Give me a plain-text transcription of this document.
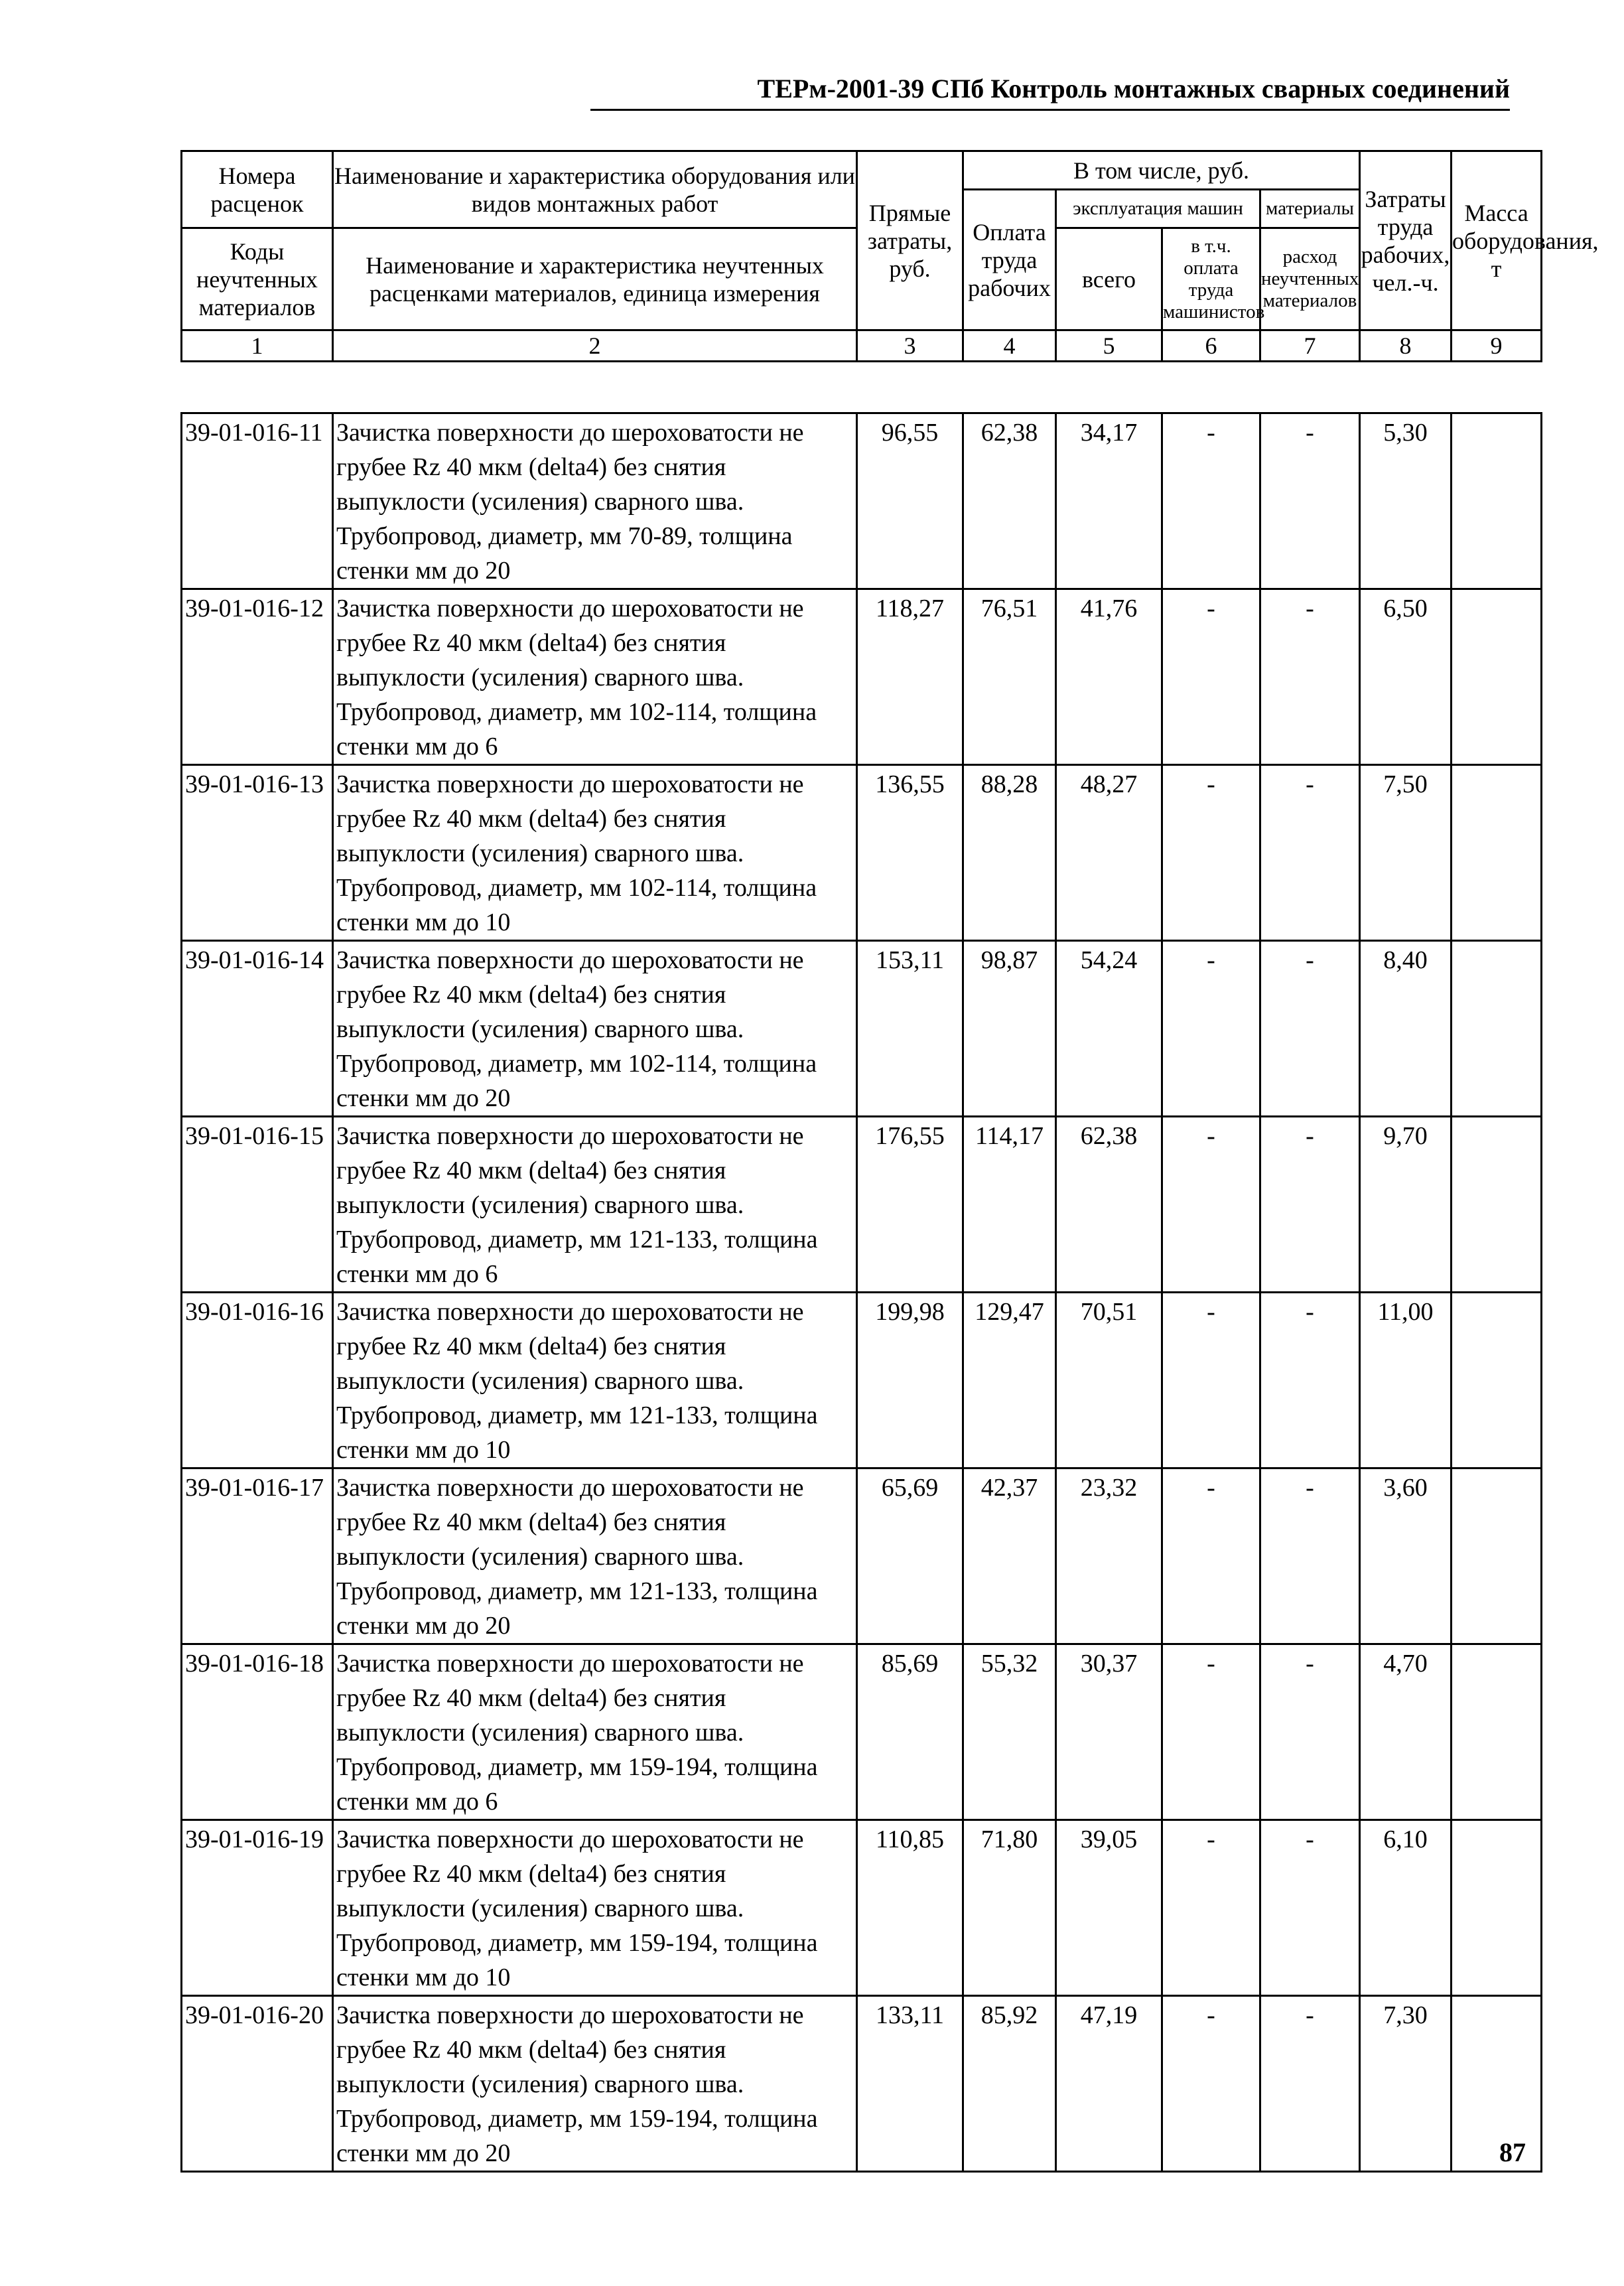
ТЕРм-2001-39 СПб Контроль монтажных сварных соединений
Номера расценок	Наименование и характеристика оборудования или видов монтажных работ	Прямые затраты, руб.	В том числе, руб.				Затраты труда рабочих, чел.-ч.	Масса оборудования, т
			Оплата труда рабочих	эксплуатация машин		материалы		
Коды неучтенных материалов	Наименование и характеристика неучтенных расценками материалов, единица измерения			всего	в т.ч. оплата труда машинистов	расход неучтенных материалов		

1	2	3	4	5	6	7	8	9
39-01-016-11	Зачистка поверхности до шероховатости не грубее Rz 40 мкм (delta4) без снятия выпуклости (усиления) сварного шва. Трубопровод, диаметр, мм 70-89, толщина стенки мм до 20	96,55	62,38	34,17	-	-	5,30	
39-01-016-12	Зачистка поверхности до шероховатости не грубее Rz 40 мкм (delta4) без снятия выпуклости (усиления) сварного шва. Трубопровод, диаметр, мм 102-114, толщина стенки мм до 6	118,27	76,51	41,76	-	-	6,50	
39-01-016-13	Зачистка поверхности до шероховатости не грубее Rz 40 мкм (delta4) без снятия выпуклости (усиления) сварного шва. Трубопровод, диаметр, мм 102-114, толщина стенки мм до 10	136,55	88,28	48,27	-	-	7,50	
39-01-016-14	Зачистка поверхности до шероховатости не грубее Rz 40 мкм (delta4) без снятия выпуклости (усиления) сварного шва. Трубопровод, диаметр, мм 102-114, толщина стенки мм до 20	153,11	98,87	54,24	-	-	8,40	
39-01-016-15	Зачистка поверхности до шероховатости не грубее Rz 40 мкм (delta4) без снятия выпуклости (усиления) сварного шва. Трубопровод, диаметр, мм 121-133, толщина стенки мм до 6	176,55	114,17	62,38	-	-	9,70	
39-01-016-16	Зачистка поверхности до шероховатости не грубее Rz 40 мкм (delta4) без снятия выпуклости (усиления) сварного шва. Трубопровод, диаметр, мм 121-133, толщина стенки мм до 10	199,98	129,47	70,51	-	-	11,00	
39-01-016-17	Зачистка поверхности до шероховатости не грубее Rz 40 мкм (delta4) без снятия выпуклости (усиления) сварного шва. Трубопровод, диаметр, мм 121-133, толщина стенки мм до 20	65,69	42,37	23,32	-	-	3,60	
39-01-016-18	Зачистка поверхности до шероховатости не грубее Rz 40 мкм (delta4) без снятия выпуклости (усиления) сварного шва. Трубопровод, диаметр, мм 159-194, толщина стенки мм до 6	85,69	55,32	30,37	-	-	4,70	
39-01-016-19	Зачистка поверхности до шероховатости не грубее Rz 40 мкм (delta4) без снятия выпуклости (усиления) сварного шва. Трубопровод, диаметр, мм 159-194, толщина стенки мм до 10	110,85	71,80	39,05	-	-	6,10	
39-01-016-20	Зачистка поверхности до шероховатости не грубее Rz 40 мкм (delta4) без снятия выпуклости (усиления) сварного шва. Трубопровод, диаметр, мм 159-194, толщина стенки мм до 20	133,11	85,92	47,19	-	-	7,30	
87
